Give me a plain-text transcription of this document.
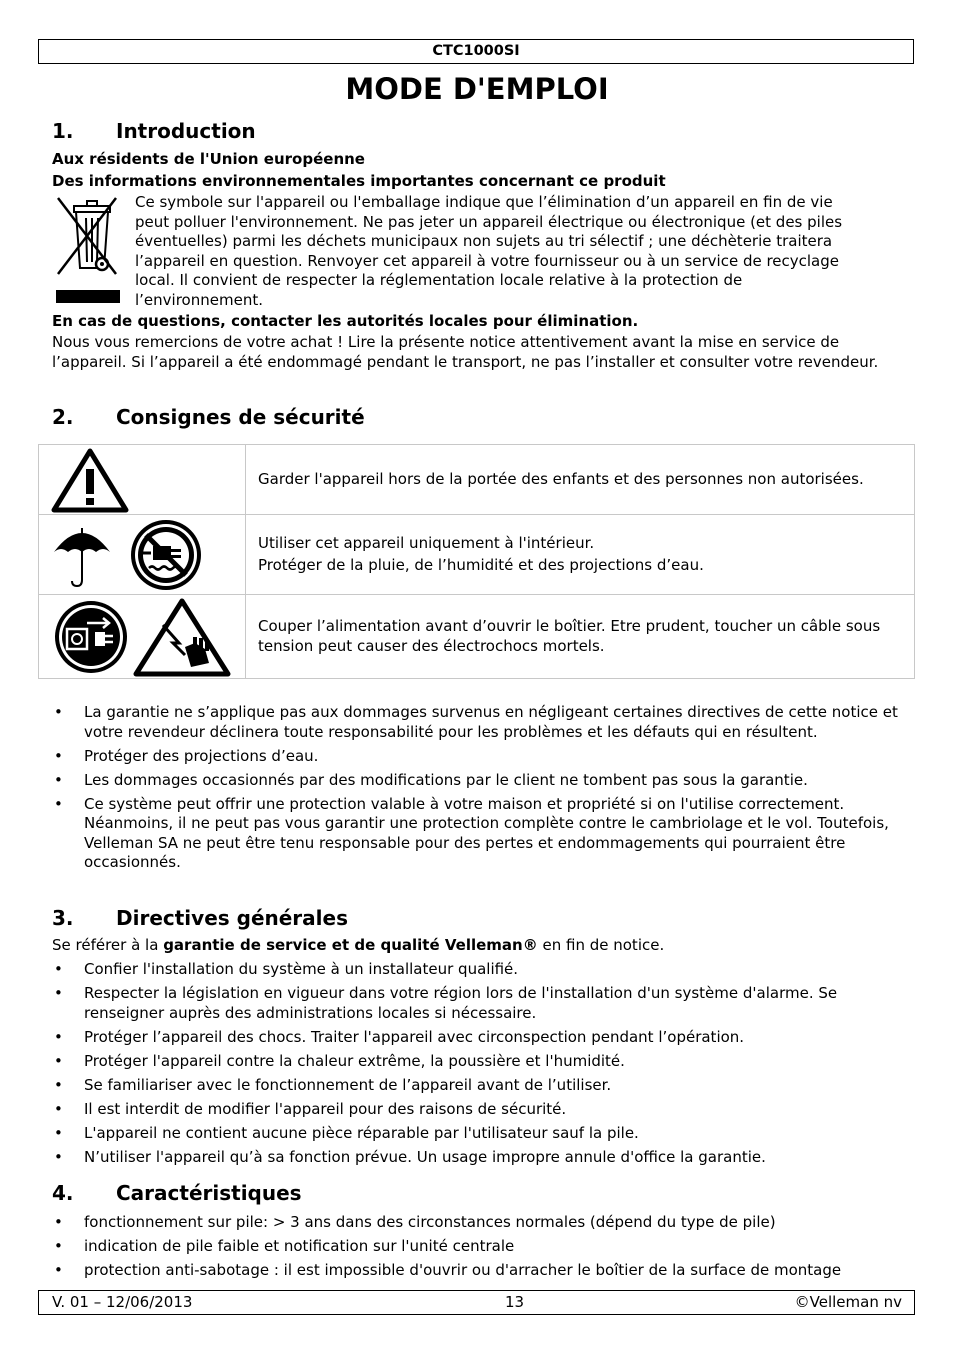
CTC1000SI
MODE D'EMPLOI
1. Introduction
Aux résidents de l'Union européenne
Des informations environnementales importantes concernant ce produit
Ce symbole sur l'appareil ou l'emballage indique que l’élimination d’un appareil en fin de vie
peut polluer l'environnement. Ne pas jeter un appareil électrique ou électronique (et des piles
éventuelles) parmi les déchets municipaux non sujets au tri sélectif ; une déchèterie traitera
l’appareil en question. Renvoyer cet appareil à votre fournisseur ou à un service de recyclage
local. Il convient de respecter la réglementation locale relative à la protection de
l’environnement.
En cas de questions, contacter les autorités locales pour élimination.
Nous vous remercions de votre achat ! Lire la présente notice attentivement avant la mise en service de l’appareil. Si l’appareil a été endommagé pendant le transport, ne pas l’installer et consulter votre revendeur.
2. Consignes de sécurité

Garder l'appareil hors de la portée des enfants et des personnes non autorisées.

Utiliser cet appareil uniquement à l'intérieur.
Protéger de la pluie, de l’humidité et des projections d’eau.

Couper l’alimentation avant d’ouvrir le boîtier. Etre prudent, toucher un câble sous tension peut causer des électrochocs mortels.
• La garantie ne s’applique pas aux dommages survenus en négligeant certaines directives de cette notice et votre revendeur déclinera toute responsabilité pour les problèmes et les défauts qui en résultent.
• Protéger des projections d’eau.
• Les dommages occasionnés par des modifications par le client ne tombent pas sous la garantie.
• Ce système peut offrir une protection valable à votre maison et propriété si on l'utilise correctement. Néanmoins, il ne peut pas vous garantir une protection complète contre le cambriolage et le vol. Toutefois, Velleman SA ne peut être tenu responsable pour des pertes et endommagements qui pourraient être occasionnés.
3. Directives générales
Se référer à la garantie de service et de qualité Velleman® en fin de notice.
• Confier l'installation du système à un installateur qualifié.
• Respecter la législation en vigueur dans votre région lors de l'installation d'un système d'alarme. Se renseigner auprès des administrations locales si nécessaire.
• Protéger l’appareil des chocs. Traiter l'appareil avec circonspection pendant l’opération.
• Protéger l'appareil contre la chaleur extrême, la poussière et l'humidité.
• Se familiariser avec le fonctionnement de l’appareil avant de l’utiliser.
• Il est interdit de modifier l'appareil pour des raisons de sécurité.
• L'appareil ne contient aucune pièce réparable par l'utilisateur sauf la pile.
• N’utiliser l'appareil qu’à sa fonction prévue. Un usage impropre annule d'office la garantie.
4. Caractéristiques
• fonctionnement sur pile: > 3 ans dans des circonstances normales (dépend du type de pile)
• indication de pile faible et notification sur l'unité centrale
• protection anti-sabotage : il est impossible d'ouvrir ou d'arracher le boîtier de la surface de montage
V. 01 – 12/06/2013	13	©Velleman nv
